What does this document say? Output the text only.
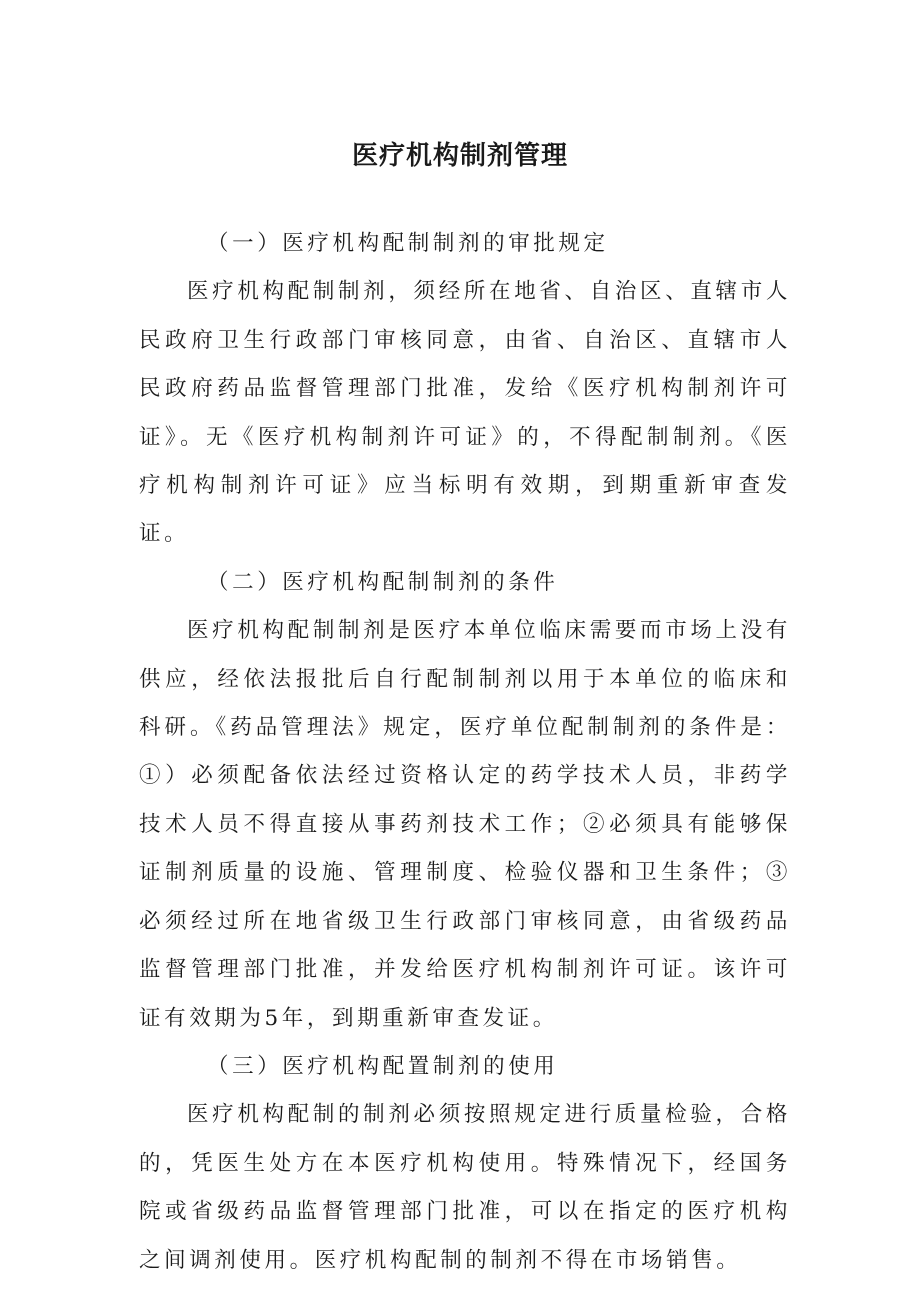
医疗机构制剂管理

（一）医疗机构配制制剂的审批规定

医疗机构配制制剂，须经所在地省、自治区、直辖市人民政府卫生行政部门审核同意，由省、自治区、直辖市人民政府药品监督管理部门批准，发给《医疗机构制剂许可证》。无《医疗机构制剂许可证》的，不得配制制剂。《医疗机构制剂许可证》应当标明有效期，到期重新审查发证。

（二）医疗机构配制制剂的条件

医疗机构配制制剂是医疗本单位临床需要而市场上没有供应，经依法报批后自行配制制剂以用于本单位的临床和科研。《药品管理法》规定，医疗单位配制制剂的条件是：①）必须配备依法经过资格认定的药学技术人员，非药学技术人员不得直接从事药剂技术工作；②必须具有能够保证制剂质量的设施、管理制度、检验仪器和卫生条件；③必须经过所在地省级卫生行政部门审核同意，由省级药品监督管理部门批准，并发给医疗机构制剂许可证。该许可证有效期为5年，到期重新审查发证。

（三）医疗机构配置制剂的使用

医疗机构配制的制剂必须按照规定进行质量检验，合格的，凭医生处方在本医疗机构使用。特殊情况下，经国务院或省级药品监督管理部门批准，可以在指定的医疗机构之间调剂使用。医疗机构配制的制剂不得在市场销售。
